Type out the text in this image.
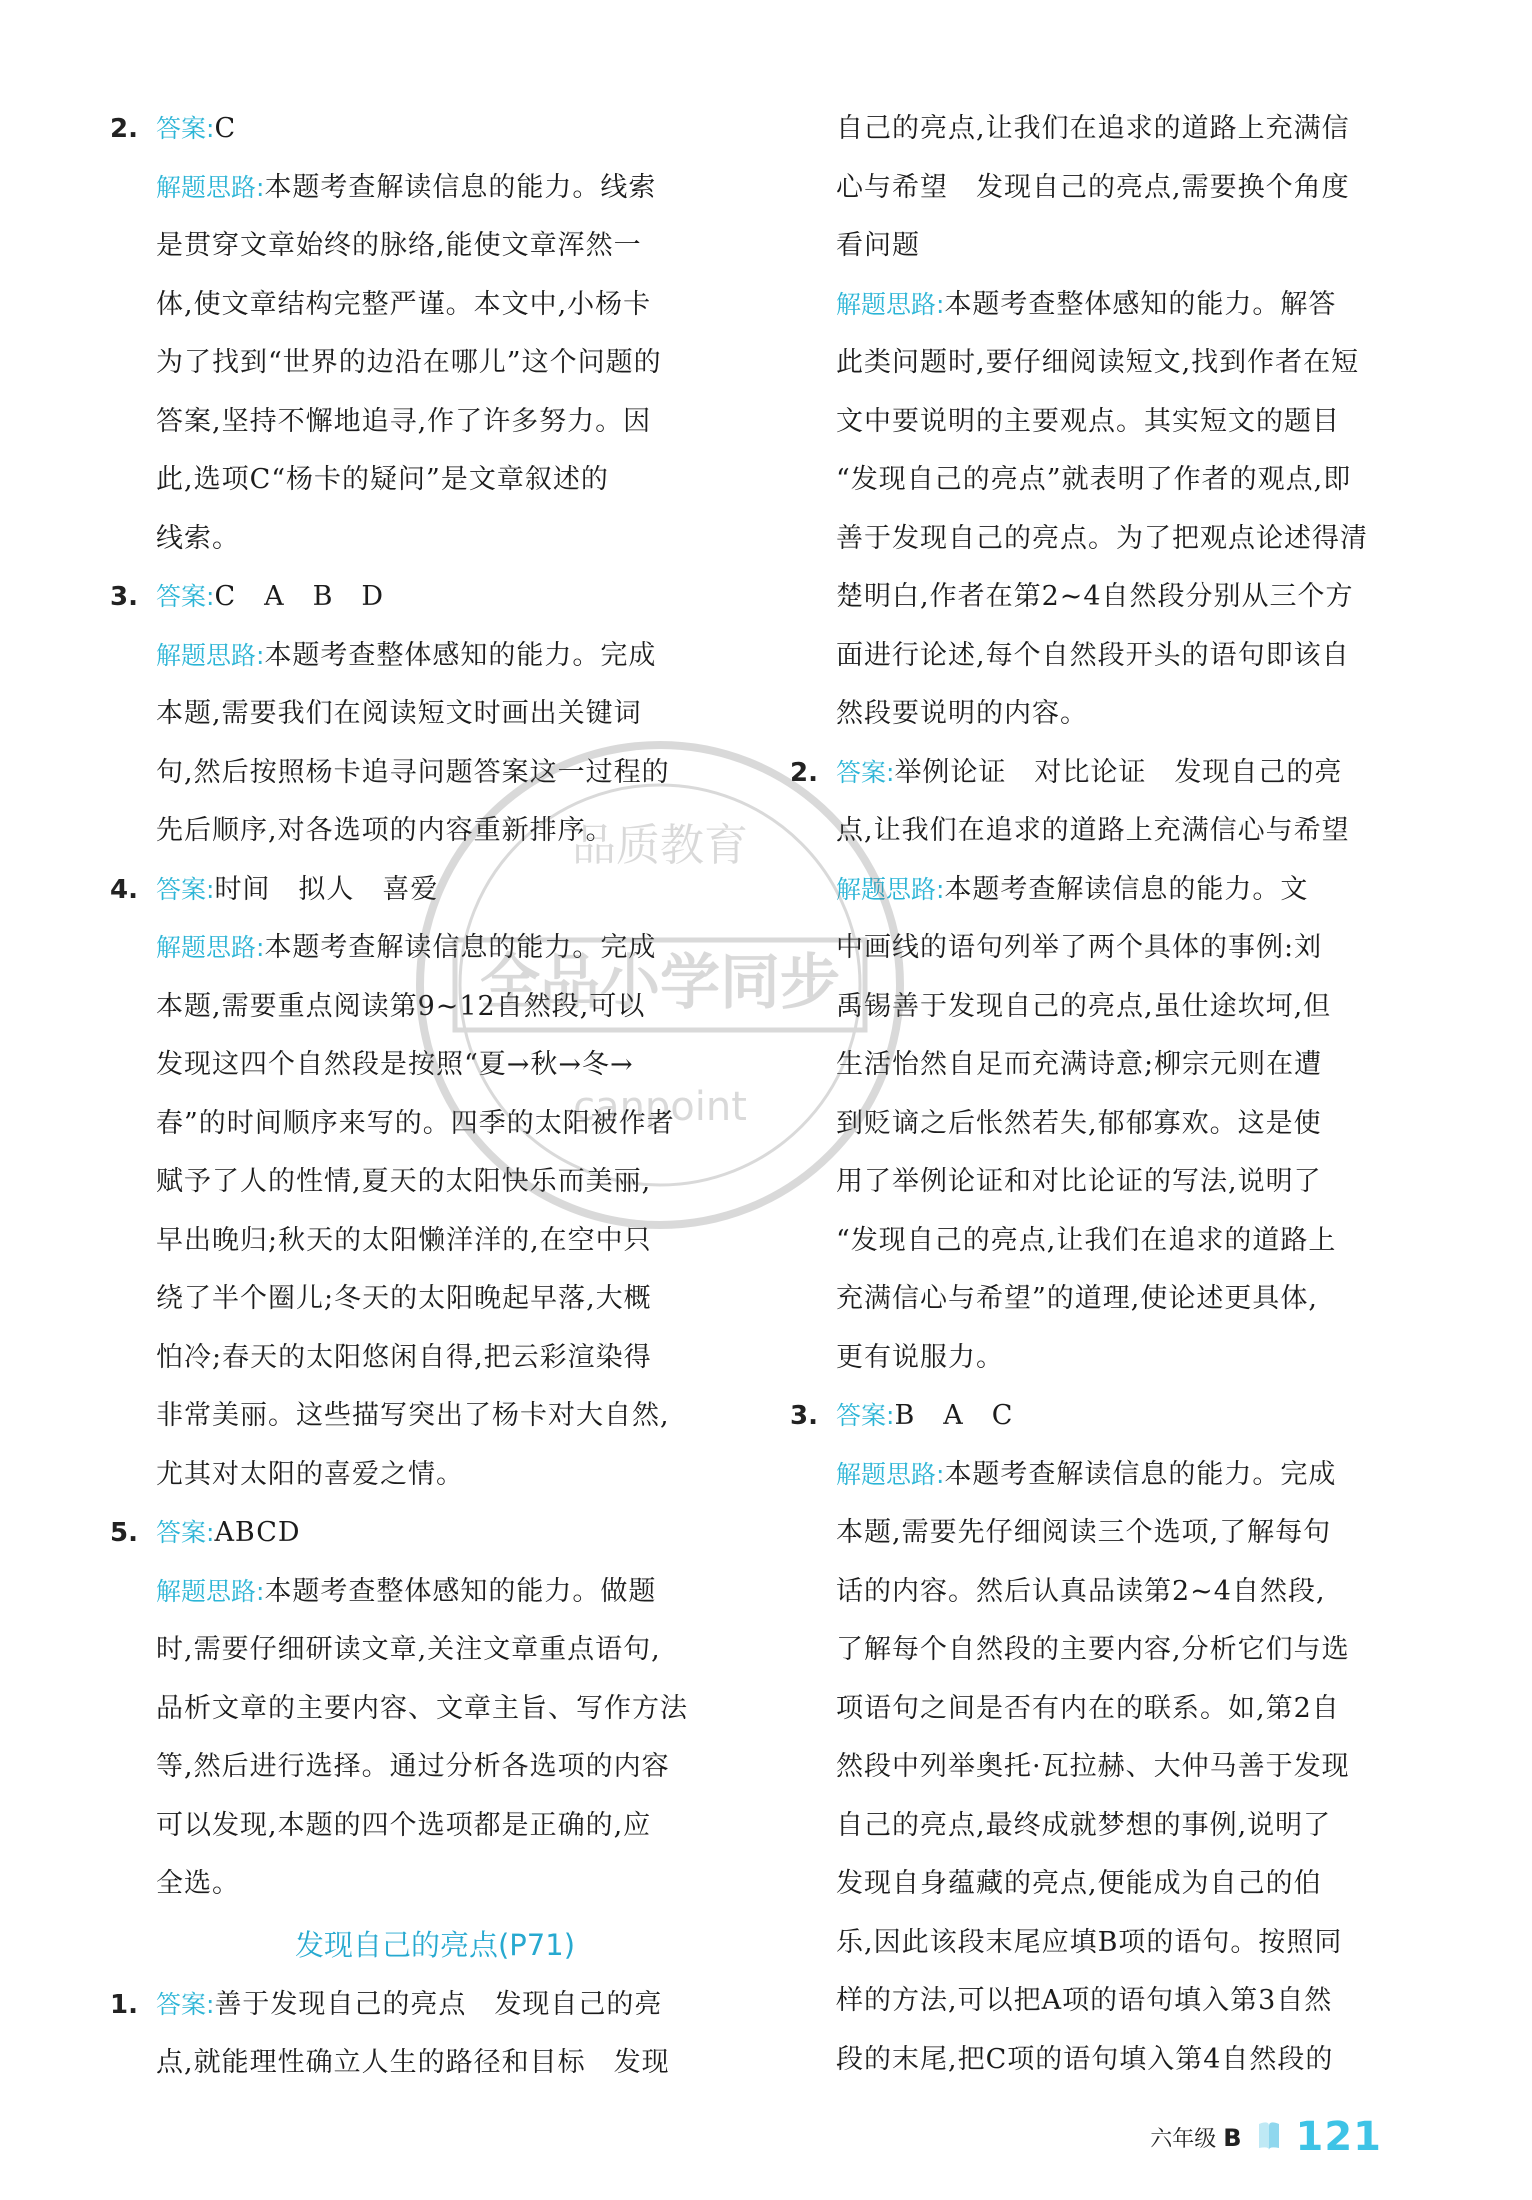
2. 答案:C
解题思路:本题考查解读信息的能力。线索
是贯穿文章始终的脉络,能使文章浑然一
体,使文章结构完整严谨。本文中,小杨卡
为了找到“世界的边沿在哪儿”这个问题的
答案,坚持不懈地追寻,作了许多努力。因
此,选项C“杨卡的疑问”是文章叙述的
线索。
3. 答案:C　A　B　D
解题思路:本题考查整体感知的能力。完成
本题,需要我们在阅读短文时画出关键词
句,然后按照杨卡追寻问题答案这一过程的
先后顺序,对各选项的内容重新排序。
4. 答案:时间　拟人　喜爱
解题思路:本题考查解读信息的能力。完成
本题,需要重点阅读第9~12自然段,可以
发现这四个自然段是按照“夏→秋→冬→
春”的时间顺序来写的。四季的太阳被作者
赋予了人的性情,夏天的太阳快乐而美丽,
早出晚归;秋天的太阳懒洋洋的,在空中只
绕了半个圈儿;冬天的太阳晚起早落,大概
怕冷;春天的太阳悠闲自得,把云彩渲染得
非常美丽。这些描写突出了杨卡对大自然,
尤其对太阳的喜爱之情。
5. 答案:ABCD
解题思路:本题考查整体感知的能力。做题
时,需要仔细研读文章,关注文章重点语句,
品析文章的主要内容、文章主旨、写作方法
等,然后进行选择。通过分析各选项的内容
可以发现,本题的四个选项都是正确的,应
全选。
发现自己的亮点(P71)
1. 答案:善于发现自己的亮点　发现自己的亮
点,就能理性确立人生的路径和目标　发现
自己的亮点,让我们在追求的道路上充满信
心与希望　发现自己的亮点,需要换个角度
看问题
解题思路:本题考查整体感知的能力。解答
此类问题时,要仔细阅读短文,找到作者在短
文中要说明的主要观点。其实短文的题目
“发现自己的亮点”就表明了作者的观点,即
善于发现自己的亮点。为了把观点论述得清
楚明白,作者在第2~4自然段分别从三个方
面进行论述,每个自然段开头的语句即该自
然段要说明的内容。
2. 答案:举例论证　对比论证　发现自己的亮
点,让我们在追求的道路上充满信心与希望
解题思路:本题考查解读信息的能力。文
中画线的语句列举了两个具体的事例:刘
禹锡善于发现自己的亮点,虽仕途坎坷,但
生活怡然自足而充满诗意;柳宗元则在遭
到贬谪之后怅然若失,郁郁寡欢。这是使
用了举例论证和对比论证的写法,说明了
“发现自己的亮点,让我们在追求的道路上
充满信心与希望”的道理,使论述更具体,
更有说服力。
3. 答案:B　A　C
解题思路:本题考查解读信息的能力。完成
本题,需要先仔细阅读三个选项,了解每句
话的内容。然后认真品读第2~4自然段,
了解每个自然段的主要内容,分析它们与选
项语句之间是否有内在的联系。如,第2自
然段中列举奥托·瓦拉赫、大仲马善于发现
自己的亮点,最终成就梦想的事例,说明了
发现自身蕴藏的亮点,便能成为自己的伯
乐,因此该段末尾应填B项的语句。按照同
样的方法,可以把A项的语句填入第3自然
段的末尾,把C项的语句填入第4自然段的
全品小学同步
品质教育
canpoint
六年级 B 121
